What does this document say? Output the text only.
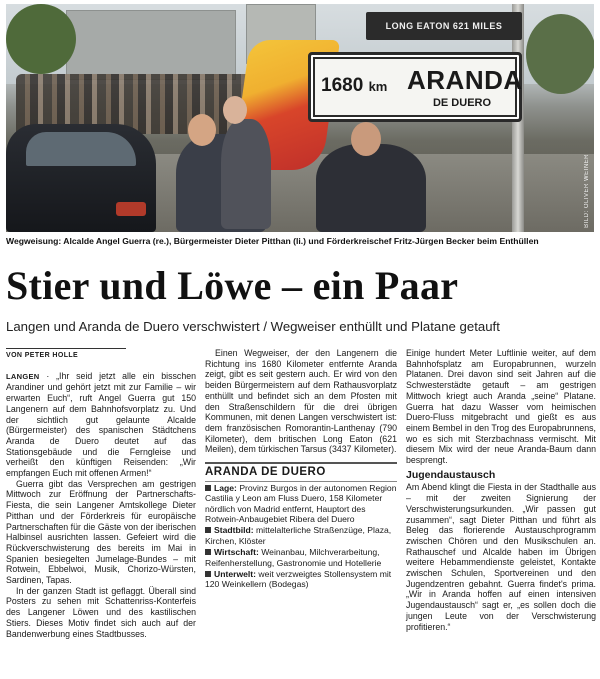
LONG EATON 621 MILES
1680 km ARANDA
DE DUERO
BILD: OLIVER WEINER
Wegweisung: Alcalde Angel Guerra (re.), Bürgermeister Dieter Pitthan (li.) und Förderkreischef Fritz-Jürgen Becker beim Enthüllen
Stier und Löwe – ein Paar
Langen und Aranda de Duero verschwistert / Wegweiser enthüllt und Platane getauft
VON PETER HOLLE

LANGEN · „Ihr seid jetzt alle ein bisschen Arandiner und gehört jetzt mit zur Familie – wir erwarten Euch“, ruft Angel Guerra gut 150 Langenern auf dem Bahnhofsvorplatz zu. Und der sichtlich gut gelaunte Alcalde (Bürgermeister) des spanischen Städtchens Aranda de Duero deutet auf das Stationsgebäude und die Ferngleise und verheißt den künftigen Reisenden: „Wir empfangen Euch mit offenen Armen!“

Guerra gibt das Versprechen am gestrigen Mittwoch zur Eröffnung der Partnerschafts-Fiesta, die sein Langener Amtskollege Dieter Pitthan und der Förderkreis für europäische Partnerschaften für die Gäste von der iberischen Halbinsel ausrichten lassen. Gefeiert wird die Rückverschwisterung des bereits im Mai in Spanien besiegelten Jumelage-Bundes – mit Rotwein, Ebbelwoi, Musik, Chorizo-Würsten, Sardinen, Tapas.

In der ganzen Stadt ist geflaggt. Überall sind Posters zu sehen mit Schattenriss-Konterfeis des Langener Löwen und des kastilischen Stiers. Dieses Motiv findet sich auch auf der Bandenwerbung eines Stadtbusses.

Einen Wegweiser, der den Langenern die Richtung ins 1680 Kilometer entfernte Aranda zeigt, gibt es seit gestern auch. Er wird von den beiden Bürgermeistern auf dem Rathausvorplatz enthüllt und befindet sich an dem Pfosten mit den Straßenschildern für die drei übrigen Kommunen, mit denen Langen verschwistert ist: dem französischen Romorantin-Lanthenay (790 Kilometer), dem britischen Long Eaton (621 Meilen), dem türkischen Tarsus (3437 Kilometer).

ARANDA DE DUERO
Lage: Provinz Burgos in der autonomen Region Castilia y Leon am Fluss Duero, 158 Kilometer nördlich von Madrid entfernt, Hauptort des Rotwein-Anbaugebiet Ribera del Duero
Stadtbild: mittelalterliche Straßenzüge, Plaza, Kirchen, Klöster
Wirtschaft: Weinanbau, Milchverarbeitung, Reifenherstellung, Gastronomie und Hotellerie
Unterwelt: weit verzweigtes Stollensystem mit 120 Weinkellern (Bodegas)

Einige hundert Meter Luftlinie weiter, auf dem Bahnhofsplatz am Europabrunnen, wurzeln Platanen. Drei davon sind seit Jahren auf die Schwesterstädte getauft – am gestrigen Mittwoch kriegt auch Aranda „seine“ Platane. Guerra hat dazu Wasser vom heimischen Duero-Fluss mitgebracht und gießt es aus einem Bembel in den Trog des Europabrunnens, wo es sich mit Sterzbachnass vermischt. Mit diesem Mix wird der neue Aranda-Baum dann besprengt.

Jugendaustausch

Am Abend klingt die Fiesta in der Stadthalle aus – mit der zweiten Signierung der Verschwisterungsurkunden. „Wir passen gut zusammen“, sagt Dieter Pitthan und führt als Beleg das florierende Austauschprogramm zwischen Chören und den Musikschulen an. Rathauschef und Alcalde haben im Übrigen weitere Hebammendienste geleistet, Kontakte zwischen Schulen, Sportvereinen und den Jugendzentren gebahnt. Guerra findet's prima. „Wir in Aranda hoffen auf einen intensiven Jugendaustausch“ sagt er, „es sollen doch die jungen Leute von der Verschwisterung profitieren.“
